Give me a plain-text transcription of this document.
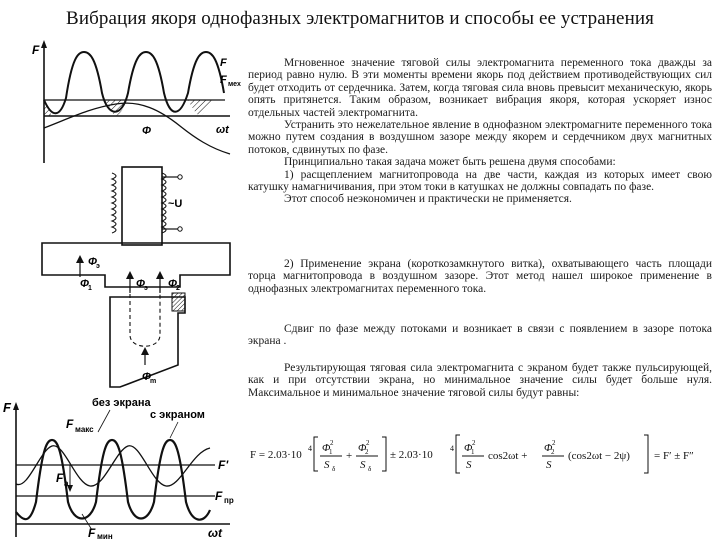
Вибрация якоря однофазных электромагнитов и способы ее устранения
F
F
F мех
Φ	ωt
~U
Φ
э
Φ
1	Φ
э Φ
2
Φ
m
F	без экрана
с экраном
F макс
F'
F a
F пр
F мин	ωt

Мгновенное значение тяговой силы электромагнита переменного тока дважды за период равно нулю. В эти моменты времени якорь под действием противодействующих сил будет отходить от сердечника. Затем, когда тяговая сила вновь превысит механическую, якорь опять притянется. Таким образом, возникает вибрация якоря, которая ускоряет износ отдельных частей электромагнита.

Устранить это нежелательное явление в однофазном электромагните переменного тока можно путем создания в воздушном зазоре между якорем и сердечником двух магнитных потоков, сдвинутых по фазе.

Принципиально такая задача может быть решена двумя способами:

1) расщеплением магнитопровода на две части, каждая из которых имеет свою катушку намагничивания, при этом токи в катушках не должны совпадать по фазе.

Этот способ неэкономичен и практически не применяется.

2) Применение экрана (короткозамкнутого витка), охватывающего часть площади торца магнитопровода в воздушном зазоре. Этот метод нашел широкое применение в однофазных электромагнитах переменного тока.

Сдвиг по фазе между потоками и возникает в связи с появлением в зазоре потока экрана .

Результирующая тяговая сила электромагнита с экраном будет также пульсирующей, как и при отсутствии экрана, но минимальное значение силы будет больше нуля. Максимальное и минимальное значение тяговой силы будут равны:

F = 2.03·10
4 Φ
1
2
S δ
+
Φ
2
2
S δ
± 2.03·10
4 Φ
1
2
S
cos2ωt +
Φ
2
2
S
(cos2ωt − 2ψ) = F′ ± F″
